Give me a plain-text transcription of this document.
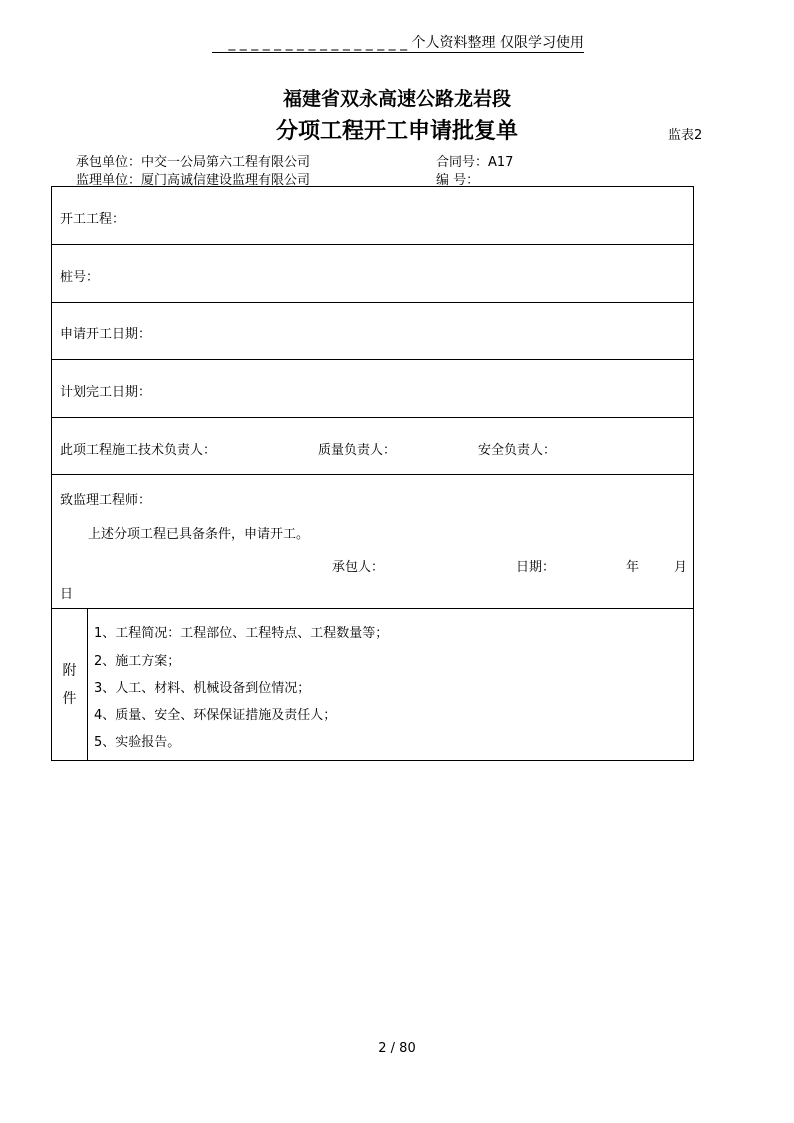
_ _ _ _ _ _ _ _ _ _ _ _ _ _ _ _ 个人资料整理 仅限学习使用
福建省双永高速公路龙岩段
分项工程开工申请批复单	监表2
承包单位：中交一公局第六工程有限公司	合同号：A17
监理单位：厦门高诚信建设监理有限公司	编 号：
开工工程：
桩号：
申请开工日期：
计划完工日期：
此项工程施工技术负责人：	质量负责人：	安全负责人：
致监理工程师：
上述分项工程已具备条件，申请开工。
承包人：	日期：	年	月
日
附
件
1、工程简况：工程部位、工程特点、工程数量等；
2、施工方案；
3、人工、材料、机械设备到位情况；
4、质量、安全、环保保证措施及责任人；
5、实验报告。
2 / 80
